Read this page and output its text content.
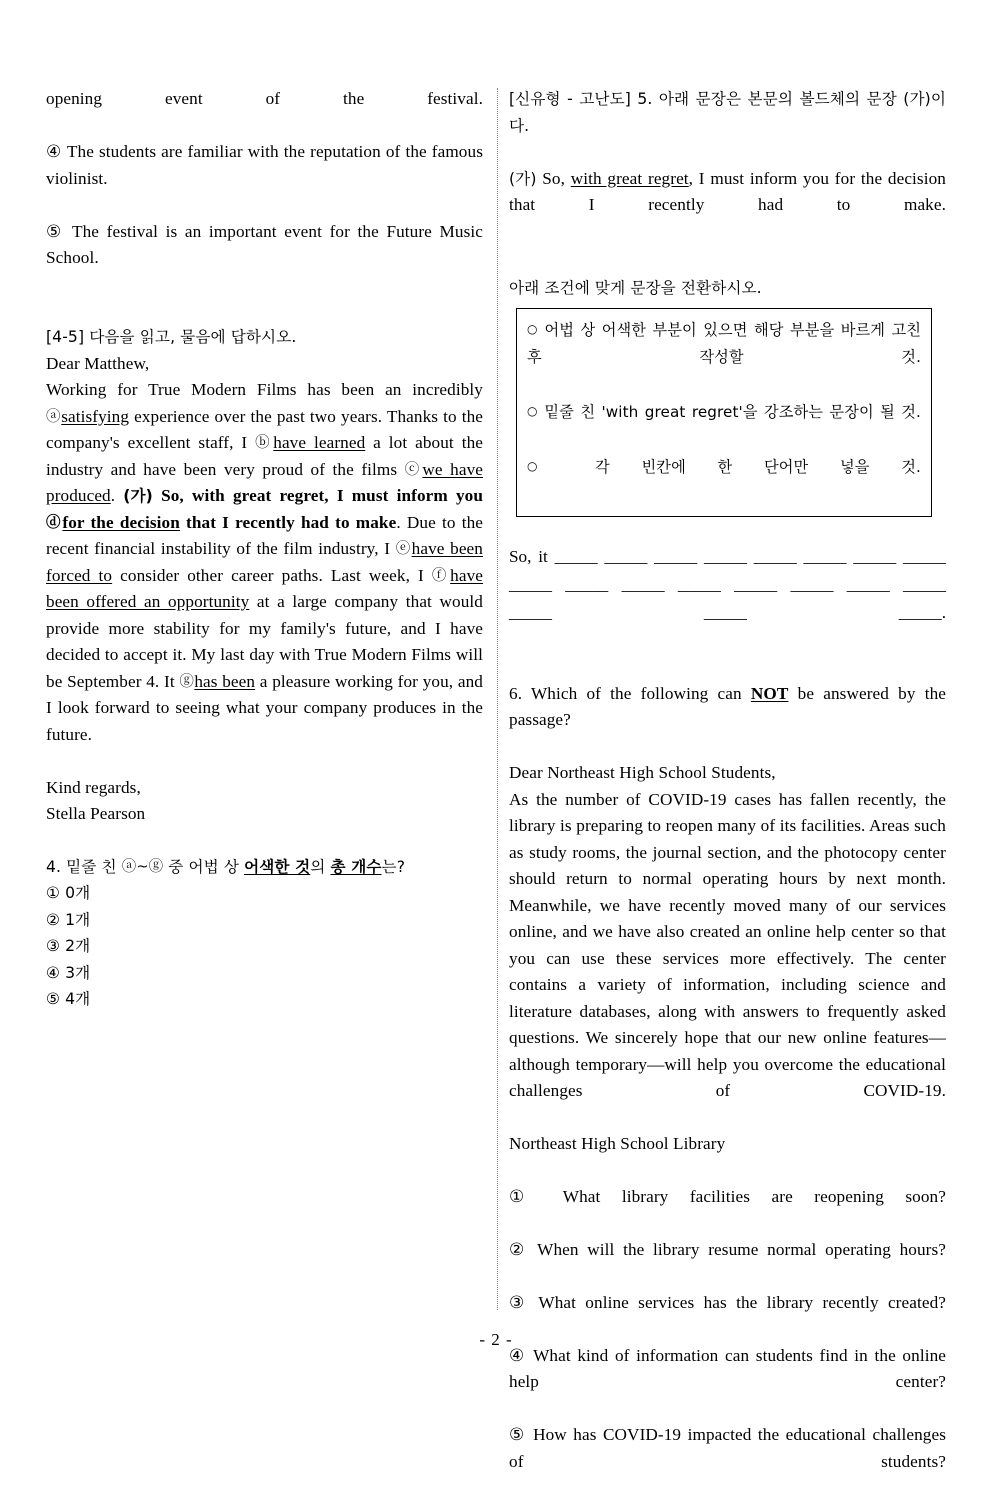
opening event of the festival.

④ The students are familiar with the reputation of the famous violinist.

⑤ The festival is an important event for the Future Music School.

[4-5] 다음을 읽고, 물음에 답하시오.

Dear Matthew,

Working for True Modern Films has been an incredibly ⓐsatisfying experience over the past two years. Thanks to the company's excellent staff, I ⓑhave learned a lot about the industry and have been very proud of the films ⓒwe have produced. (가) So, with great regret, I must inform you ⓓfor the decision that I recently had to make. Due to the recent financial instability of the film industry, I ⓔhave been forced to consider other career paths. Last week, I ⓕhave been offered an opportunity at a large company that would provide more stability for my family's future, and I have decided to accept it. My last day with True Modern Films will be September 4. It ⓖhas been a pleasure working for you, and I look forward to seeing what your company produces in the future.

Kind regards,

Stella Pearson

4. 밑줄 친 ⓐ~ⓖ 중 어법 상 어색한 것의 총 개수는?

① 0개

② 1개

③ 2개

④ 3개

⑤ 4개

[신유형 - 고난도] 5. 아래 문장은 본문의 볼드체의 문장 (가)이다.

(가) So, with great regret, I must inform you for the decision that I recently had to make.

아래 조건에 맞게 문장을 전환하시오.

○ 어법 상 어색한 부분이 있으면 해당 부분을 바르게 고친 후 작성할 것.

○ 밑줄 친 'with great regret'을 강조하는 문장이 될 것.

○ 각 빈칸에 한 단어만 넣을 것.

So, it _____ _____ _____ _____ _____ _____ _____ _____ _____ _____ _____ _____ _____ _____ _____ _____ _____ _____ _____.

6. Which of the following can NOT be answered by the passage?

Dear Northeast High School Students,

As the number of COVID-19 cases has fallen recently, the library is preparing to reopen many of its facilities. Areas such as study rooms, the journal section, and the photocopy center should return to normal operating hours by next month. Meanwhile, we have recently moved many of our services online, and we have also created an online help center so that you can use these services more effectively. The center contains a variety of information, including science and literature databases, along with answers to frequently asked questions. We sincerely hope that our new online features—although temporary—will help you overcome the educational challenges of COVID-19.

Northeast High School Library

① What library facilities are reopening soon?

② When will the library resume normal operating hours?

③ What online services has the library recently created?

④ What kind of information can students find in the online help center?

⑤ How has COVID-19 impacted the educational challenges of students?

- 2 -
